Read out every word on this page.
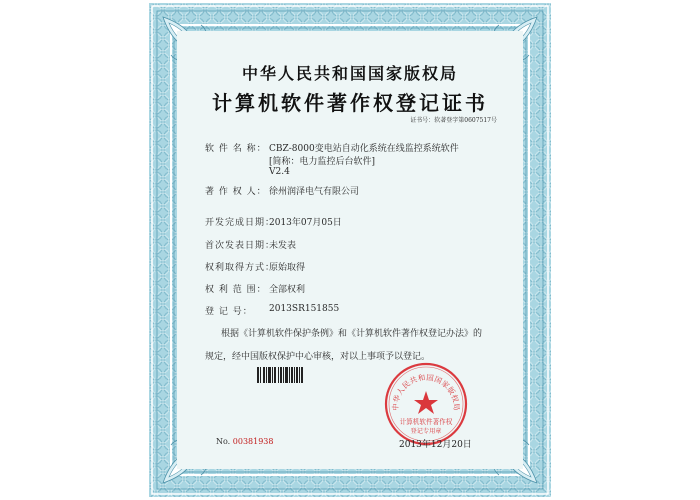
中华人民共和国国家版权局
计算机软件著作权登记证书

证书号：软著登字第0607517号

软 件 名 称： CBZ-8000变电站自动化系统在线监控系统软件

[简称：电力监控后台软件]

V2.4

著 作 权 人： 徐州润泽电气有限公司

开发完成日期：

2013年07月05日

首次发表日期：

未发表

权利取得方式：

原始取得

权 利 范 围： 全部权利

登 记 号： 2013SR151855

根据《计算机软件保护条例》和《计算机软件著作权登记办法》的

规定，经中国版权保护中心审核，对以上事项予以登记。

No. 00381938

中华人民共和国国家版权局
计算机软件著作权
登记专用章

2013年12月20日
